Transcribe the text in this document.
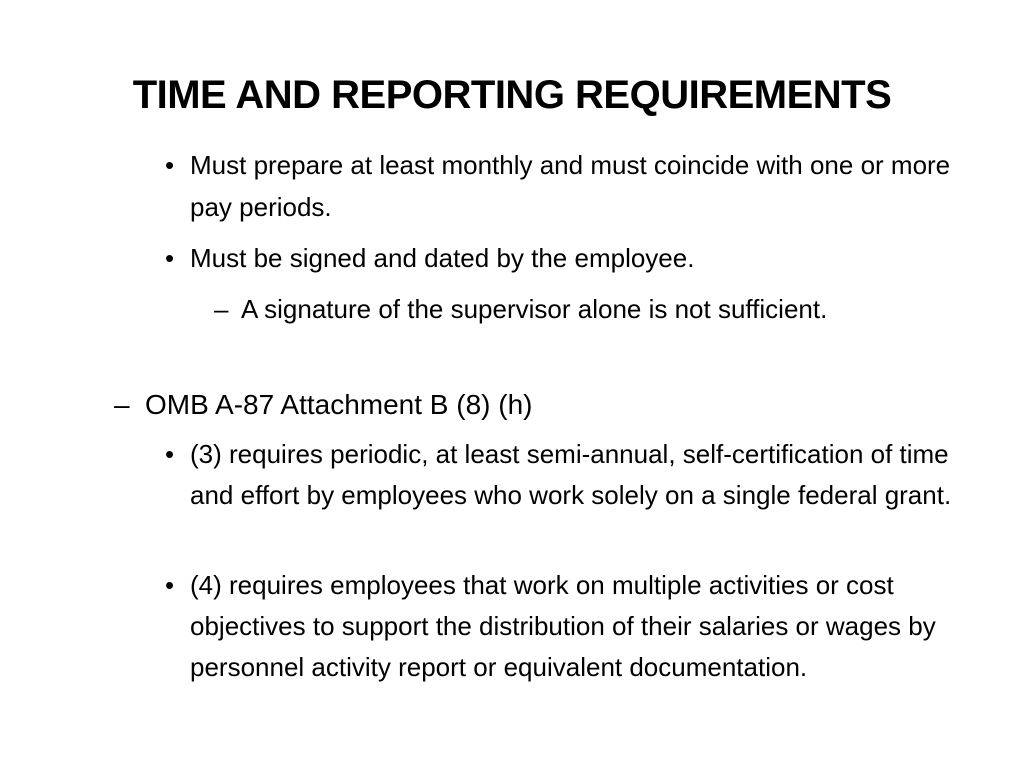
TIME AND REPORTING REQUIREMENTS
• Must prepare at least monthly and must coincide with one or more pay periods.
• Must be signed and dated by the employee.
– A signature of the supervisor alone is not sufficient.
– OMB A-87 Attachment B (8) (h)
• (3) requires periodic, at least semi-annual, self-certification of time and effort by employees who work solely on a single federal grant.
• (4) requires employees that work on multiple activities or cost objectives to support the distribution of their salaries or wages by personnel activity report or equivalent documentation.
